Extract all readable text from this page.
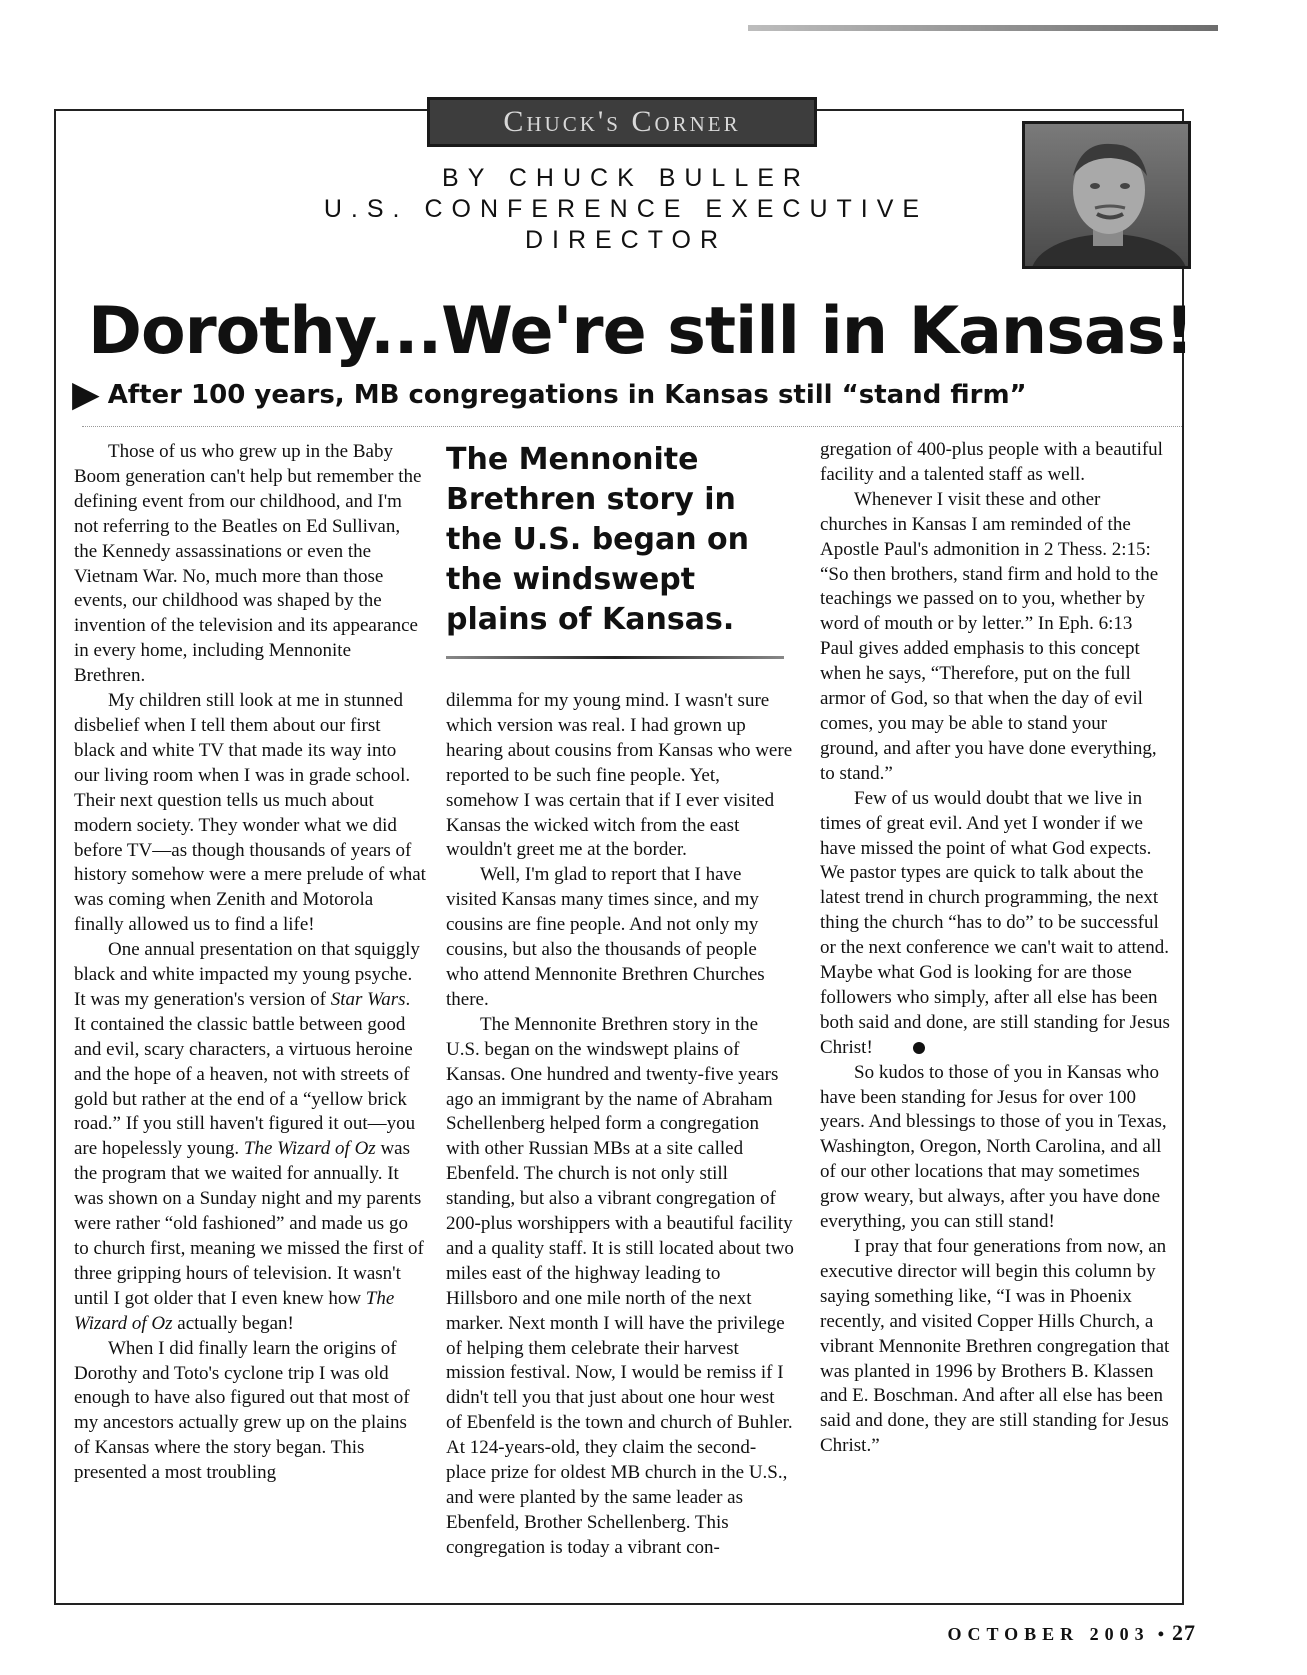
Chuck's Corner
BY CHUCK BULLER
U.S. CONFERENCE EXECUTIVE DIRECTOR
Dorothy...We're still in Kansas!
▶ After 100 years, MB congregations in Kansas still “stand firm”

Those of us who grew up in the Baby Boom generation can't help but remember the defining event from our childhood, and I'm not referring to the Beatles on Ed Sullivan, the Kennedy assassinations or even the Vietnam War. No, much more than those events, our childhood was shaped by the invention of the television and its appearance in every home, including Mennonite Brethren.

My children still look at me in stunned disbelief when I tell them about our first black and white TV that made its way into our living room when I was in grade school. Their next question tells us much about modern society. They wonder what we did before TV—as though thousands of years of history somehow were a mere prelude of what was coming when Zenith and Motorola finally allowed us to find a life!

One annual presentation on that squiggly black and white impacted my young psyche. It was my generation's version of Star Wars. It contained the classic battle between good and evil, scary characters, a virtuous heroine and the hope of a heaven, not with streets of gold but rather at the end of a “yellow brick road.” If you still haven't figured it out—you are hopelessly young. The Wizard of Oz was the program that we waited for annually. It was shown on a Sunday night and my parents were rather “old fashioned” and made us go to church first, meaning we missed the first of three gripping hours of television. It wasn't until I got older that I even knew how The Wizard of Oz actually began!

When I did finally learn the origins of Dorothy and Toto's cyclone trip I was old enough to have also figured out that most of my ancestors actually grew up on the plains of Kansas where the story began. This presented a most troubling

The Mennonite Brethren story in the U.S. began on the windswept plains of Kansas.

dilemma for my young mind. I wasn't sure which version was real. I had grown up hearing about cousins from Kansas who were reported to be such fine people. Yet, somehow I was certain that if I ever visited Kansas the wicked witch from the east wouldn't greet me at the border.

Well, I'm glad to report that I have visited Kansas many times since, and my cousins are fine people. And not only my cousins, but also the thousands of people who attend Mennonite Brethren Churches there.

The Mennonite Brethren story in the U.S. began on the windswept plains of Kansas. One hundred and twenty-five years ago an immigrant by the name of Abraham Schellenberg helped form a congregation with other Russian MBs at a site called Ebenfeld. The church is not only still standing, but also a vibrant congregation of 200-plus worshippers with a beautiful facility and a quality staff. It is still located about two miles east of the highway leading to Hillsboro and one mile north of the next marker. Next month I will have the privilege of helping them celebrate their harvest mission festival. Now, I would be remiss if I didn't tell you that just about one hour west of Ebenfeld is the town and church of Buhler. At 124-years-old, they claim the second-place prize for oldest MB church in the U.S., and were planted by the same leader as Ebenfeld, Brother Schellenberg. This congregation is today a vibrant con-

gregation of 400-plus people with a beautiful facility and a talented staff as well.

Whenever I visit these and other churches in Kansas I am reminded of the Apostle Paul's admonition in 2 Thess. 2:15: “So then brothers, stand firm and hold to the teachings we passed on to you, whether by word of mouth or by letter.” In Eph. 6:13 Paul gives added emphasis to this concept when he says, “Therefore, put on the full armor of God, so that when the day of evil comes, you may be able to stand your ground, and after you have done everything, to stand.”

Few of us would doubt that we live in times of great evil. And yet I wonder if we have missed the point of what God expects. We pastor types are quick to talk about the latest trend in church programming, the next thing the church “has to do” to be successful or the next conference we can't wait to attend. Maybe what God is looking for are those followers who simply, after all else has been both said and done, are still standing for Jesus Christ!

So kudos to those of you in Kansas who have been standing for Jesus for over 100 years. And blessings to those of you in Texas, Washington, Oregon, North Carolina, and all of our other locations that may sometimes grow weary, but always, after you have done everything, you can still stand!

I pray that four generations from now, an executive director will begin this column by saying something like, “I was in Phoenix recently, and visited Copper Hills Church, a vibrant Mennonite Brethren congregation that was planted in 1996 by Brothers B. Klassen and E. Boschman. And after all else has been said and done, they are still standing for Jesus Christ.”

OCTOBER 2003 • 27
